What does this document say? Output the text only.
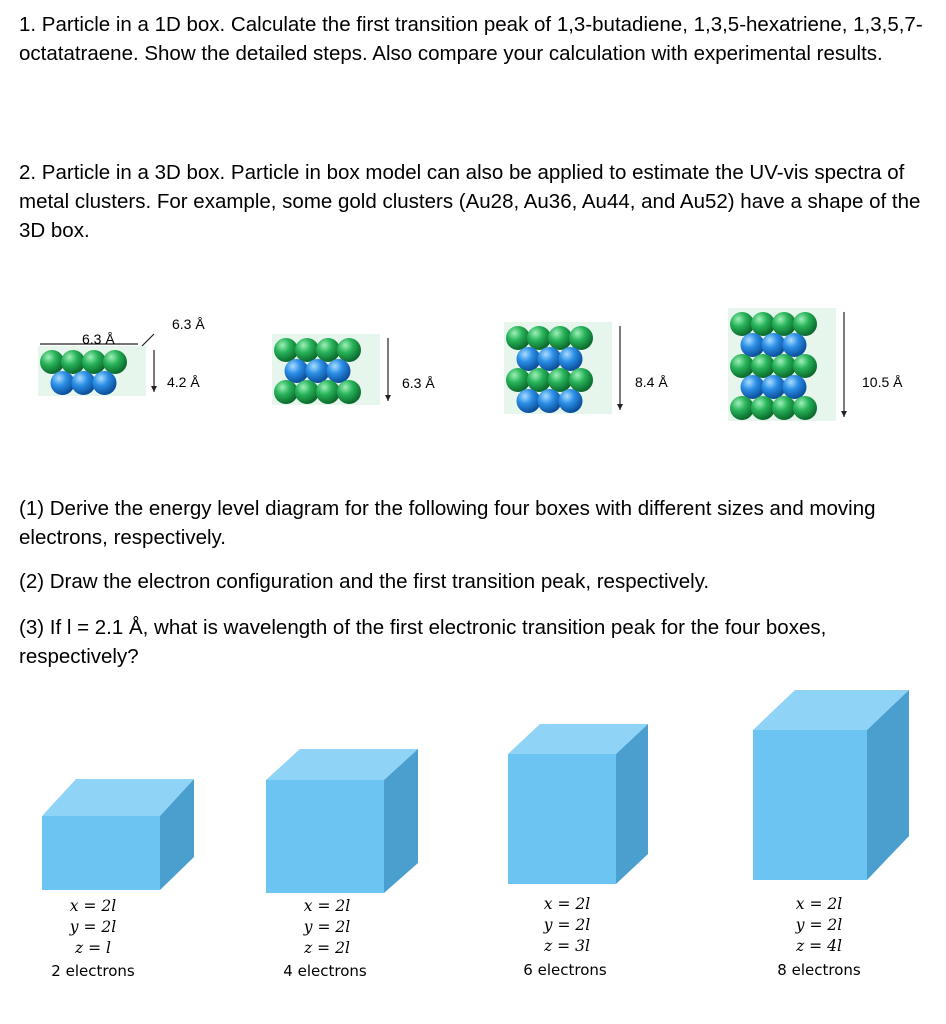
1. Particle in a 1D box. Calculate the first transition peak of 1,3-butadiene, 1,3,5-hexatriene, 1,3,5,7-octatatraene. Show the detailed steps. Also compare your calculation with experimental results.

2. Particle in a 3D box. Particle in box model can also be applied to estimate the UV-vis spectra of metal clusters. For example, some gold clusters (Au28, Au36, Au44, and Au52) have a shape of the 3D box.

6.3 Å
6.3 Å
4.2 Å	6.3 Å	8.4 Å	10.5 Å

(1) Derive the energy level diagram for the following four boxes with different sizes and moving electrons, respectively.

(2) Draw the electron configuration and the first transition peak, respectively.

(3) If l = 2.1 Å, what is wavelength of the first electronic transition peak for the four boxes, respectively?

x = 2l
y = 2l
z = l
2 electrons
x = 2l
y = 2l
z = 2l
4 electrons
x = 2l
y = 2l
z = 3l
6 electrons
x = 2l
y = 2l
z = 4l
8 electrons
